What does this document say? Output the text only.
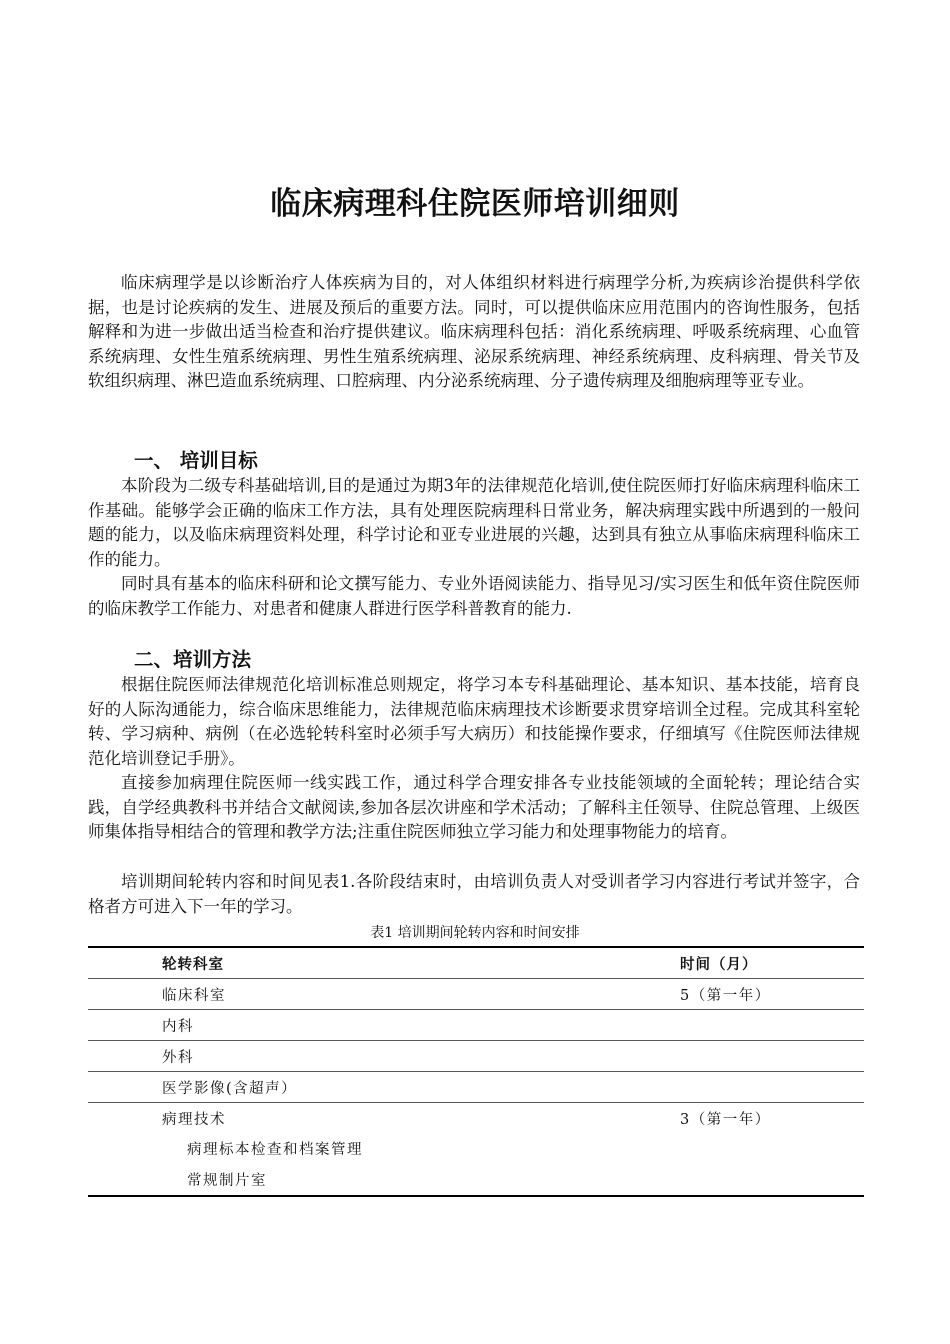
临床病理科住院医师培训细则

临床病理学是以诊断治疗人体疾病为目的，对人体组织材料进行病理学分析,为疾病诊治提供科学依据，也是讨论疾病的发生、进展及预后的重要方法。同时，可以提供临床应用范围内的咨询性服务，包括解释和为进一步做出适当检查和治疗提供建议。临床病理科包括：消化系统病理、呼吸系统病理、心血管系统病理、女性生殖系统病理、男性生殖系统病理、泌尿系统病理、神经系统病理、皮科病理、骨关节及软组织病理、淋巴造血系统病理、口腔病理、内分泌系统病理、分子遗传病理及细胞病理等亚专业。

一、 培训目标

本阶段为二级专科基础培训,目的是通过为期3年的法律规范化培训,使住院医师打好临床病理科临床工作基础。能够学会正确的临床工作方法，具有处理医院病理科日常业务，解决病理实践中所遇到的一般问题的能力，以及临床病理资料处理，科学讨论和亚专业进展的兴趣，达到具有独立从事临床病理科临床工作的能力。

同时具有基本的临床科研和论文撰写能力、专业外语阅读能力、指导见习/实习医生和低年资住院医师的临床教学工作能力、对患者和健康人群进行医学科普教育的能力.

二、培训方法

根据住院医师法律规范化培训标准总则规定，将学习本专科基础理论、基本知识、基本技能，培育良好的人际沟通能力，综合临床思维能力，法律规范临床病理技术诊断要求贯穿培训全过程。完成其科室轮转、学习病种、病例（在必选轮转科室时必须手写大病历）和技能操作要求，仔细填写《住院医师法律规范化培训登记手册》。

直接参加病理住院医师一线实践工作，通过科学合理安排各专业技能领域的全面轮转；理论结合实践，自学经典教科书并结合文献阅读,参加各层次讲座和学术活动；了解科主任领导、住院总管理、上级医师集体指导相结合的管理和教学方法;注重住院医师独立学习能力和处理事物能力的培育。

培训期间轮转内容和时间见表1.各阶段结束时，由培训负责人对受训者学习内容进行考试并签字，合格者方可进入下一年的学习。

表1 培训期间轮转内容和时间安排
轮转科室	时间（月）
临床科室	5（第一年）
内科
外科
医学影像(含超声）
病理技术	3（第一年）
病理标本检查和档案管理
常规制片室
